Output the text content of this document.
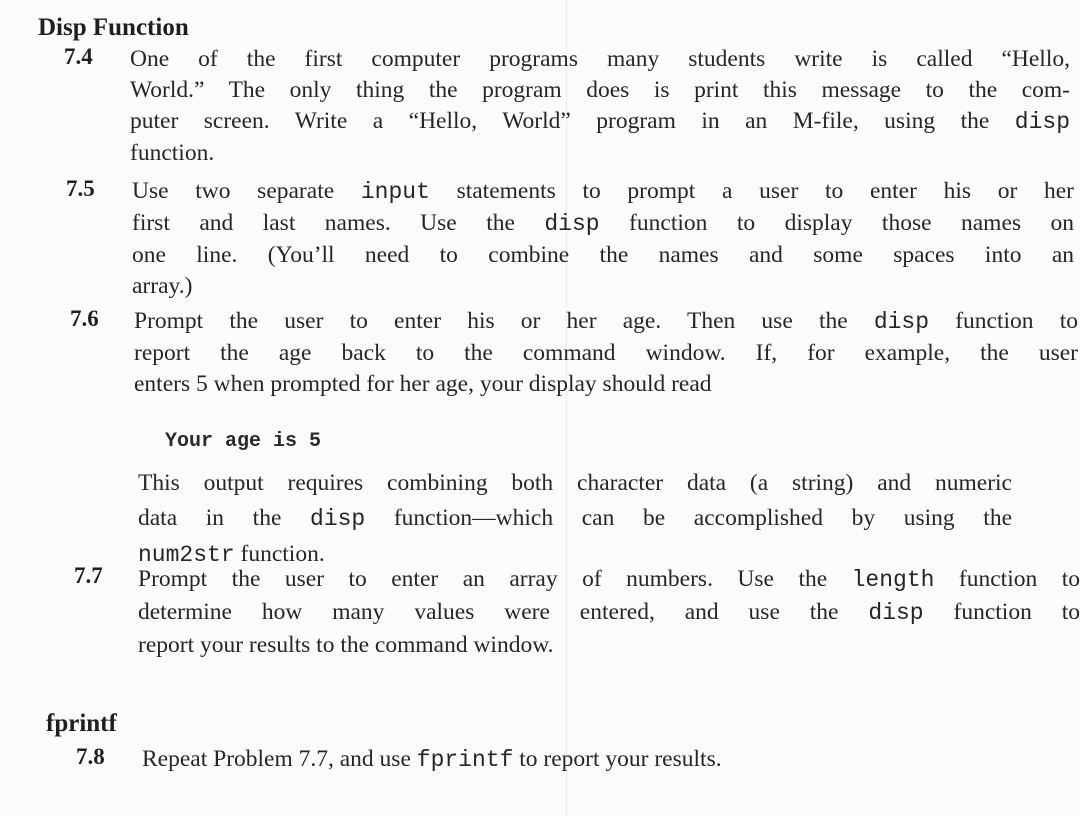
Disp Function
7.4 One of the first computer programs many students write is called “Hello,
World.” The only thing the program does is print this message to the com-
puter screen. Write a “Hello, World” program in an M-file, using the disp
function.
7.5 Use two separate input statements to prompt a user to enter his or her
first and last names. Use the disp function to display those names on
one line. (You’ll need to combine the names and some spaces into an
array.)
7.6 Prompt the user to enter his or her age. Then use the disp function to
report the age back to the command window. If, for example, the user
enters 5 when prompted for her age, your display should read
Your age is 5
This output requires combining both character data (a string) and numeric
data in the disp function—which can be accomplished by using the
num2str function.
7.7 Prompt the user to enter an array of numbers. Use the length function to
determine how many values were entered, and use the disp function to
report your results to the command window.
fprintf
7.8 Repeat Problem 7.7, and use fprintf to report your results.
